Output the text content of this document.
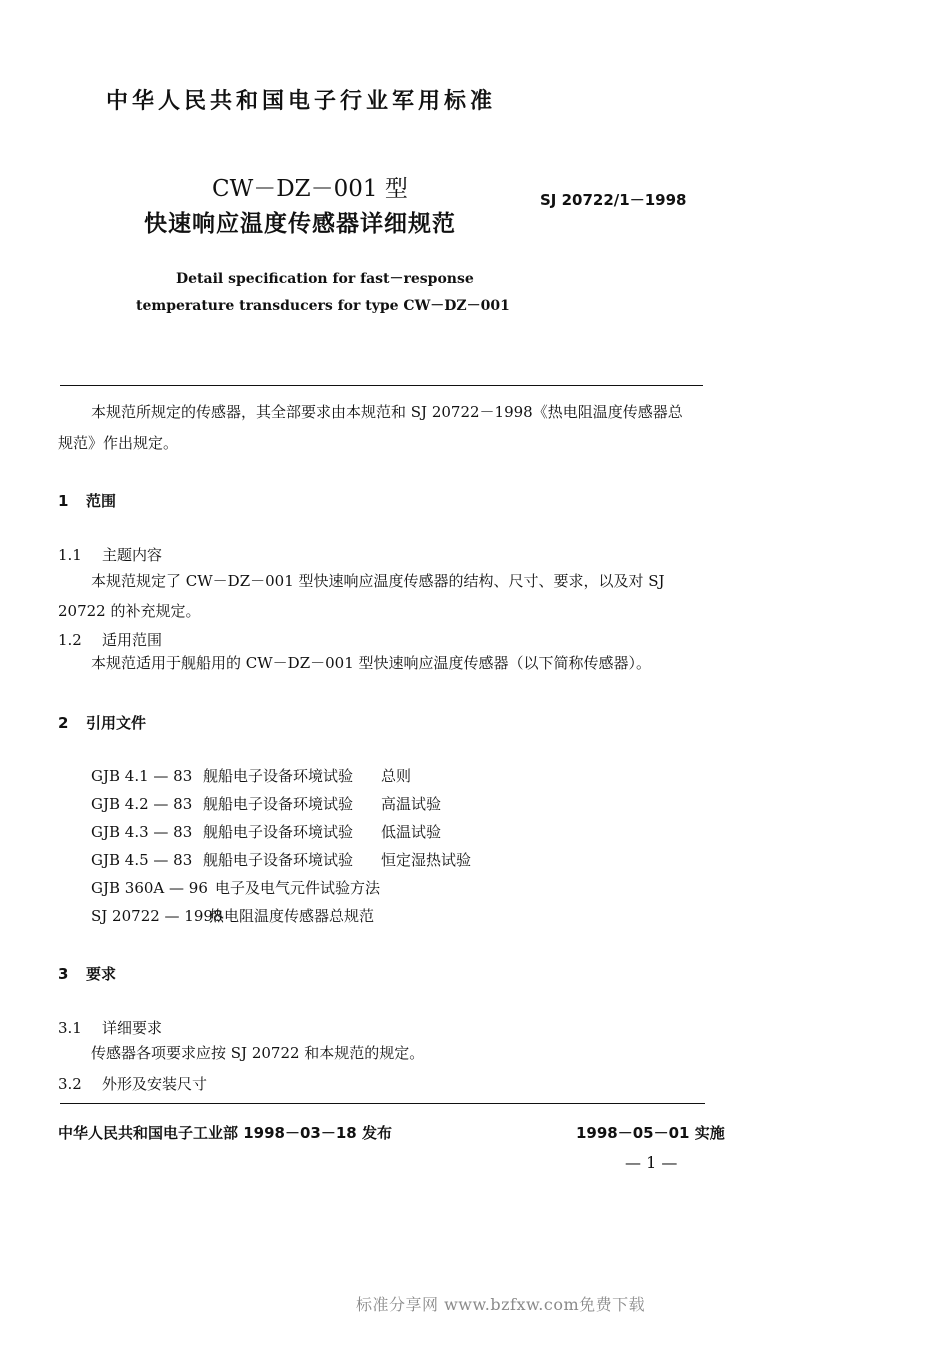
中华人民共和国电子行业军用标准
CW－DZ－001 型
快速响应温度传感器详细规范
SJ 20722/1－1998
Detail specification for fast－response
temperature transducers for type CW－DZ－001
本规范所规定的传感器，其全部要求由本规范和 SJ 20722－1998《热电阻温度传感器总
规范》作出规定。
1 范围
1.1 主题内容
本规范规定了 CW－DZ－001 型快速响应温度传感器的结构、尺寸、要求，以及对 SJ
20722 的补充规定。
1.2 适用范围
本规范适用于舰船用的 CW－DZ－001 型快速响应温度传感器（以下简称传感器）。
2 引用文件
GJB 4.1 — 83 舰船电子设备环境试验 总则
GJB 4.2 — 83 舰船电子设备环境试验 高温试验
GJB 4.3 — 83 舰船电子设备环境试验 低温试验
GJB 4.5 — 83 舰船电子设备环境试验 恒定湿热试验
GJB 360A — 96 电子及电气元件试验方法
SJ 20722 — 1998热电阻温度传感器总规范
3 要求
3.1 详细要求
传感器各项要求应按 SJ 20722 和本规范的规定。
3.2 外形及安装尺寸
中华人民共和国电子工业部 1998－03－18 发布	1998－05－01 实施
— 1 —
标准分享网 www.bzfxw.com免费下载
